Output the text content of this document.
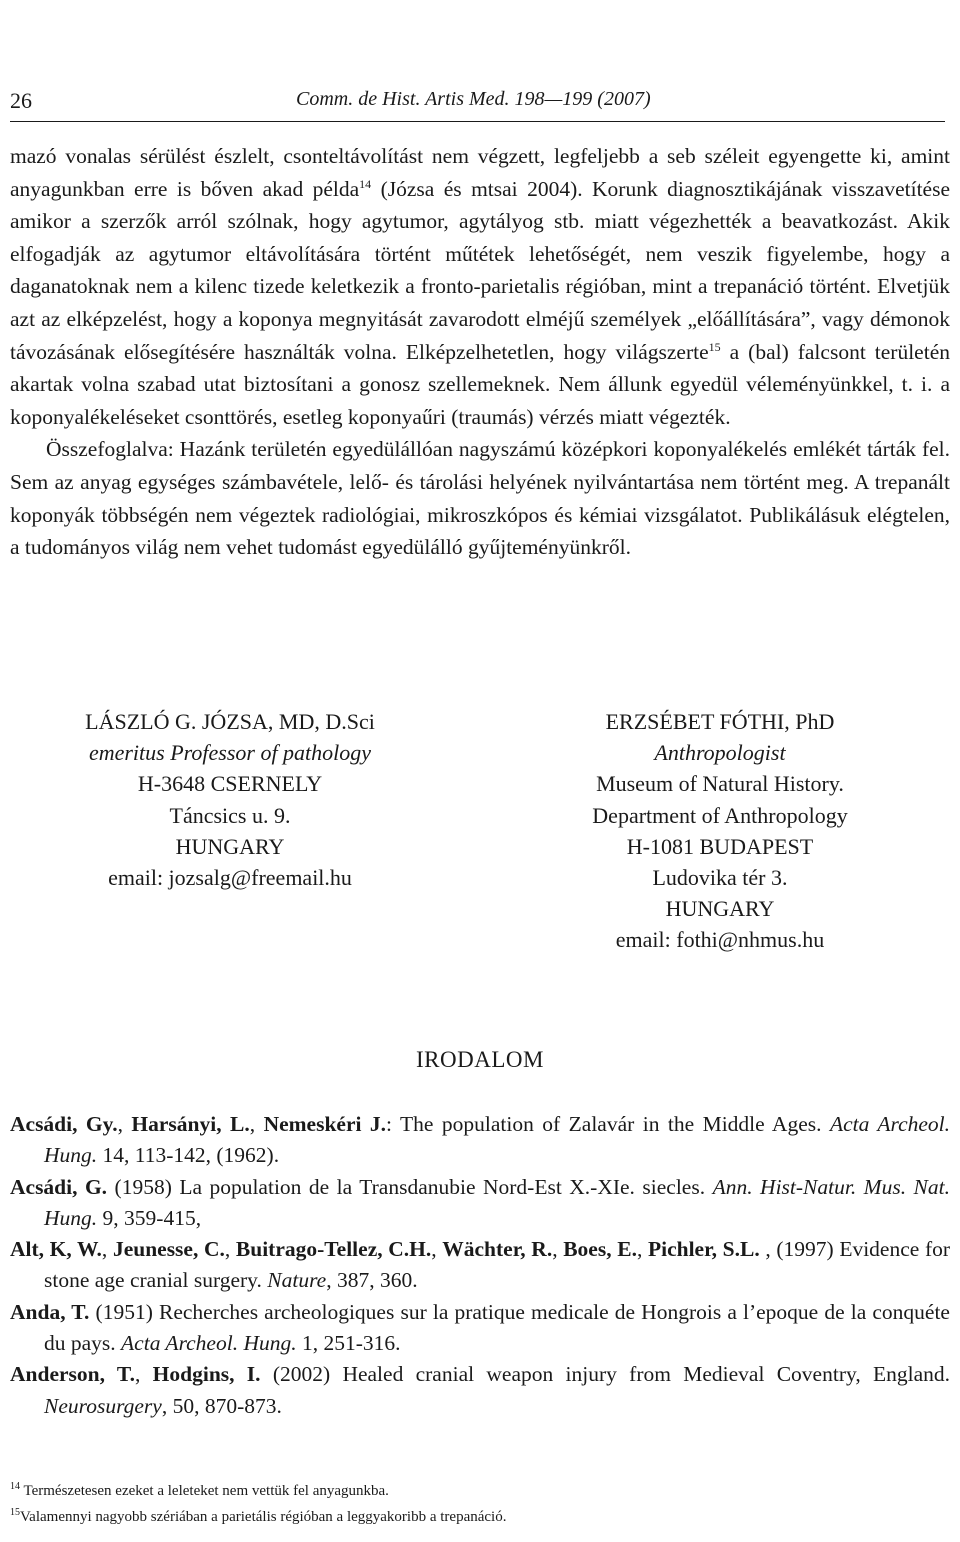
26	Comm. de Hist. Artis Med. 198—199 (2007)

mazó vonalas sérülést észlelt, csonteltávolítást nem végzett, legfeljebb a seb széleit egyengette ki, amint anyagunkban erre is bőven akad példa$^{14}$ (Józsa és mtsai 2004). Korunk diagnosztikájának visszavetítése amikor a szerzők arról szólnak, hogy agytumor, agytályog stb. miatt végezhették a beavatkozást. Akik elfogadják az agytumor eltávolítására történt műtétek lehetőségét, nem veszik figyelembe, hogy a daganatoknak nem a kilenc tizede keletkezik a fronto-parietalis régióban, mint a trepanáció történt. Elvetjük azt az elképzelést, hogy a koponya megnyitását zavarodott elméjű személyek „előállítására”, vagy démonok távozásának elősegítésére használták volna. Elképzelhetetlen, hogy világszerte$^{15}$ a (bal) falcsont területén akartak volna szabad utat biztosítani a gonosz szellemeknek. Nem állunk egyedül véleményünkkel, t. i. a koponyalékeléseket csonttörés, esetleg koponyaűri (traumás) vérzés miatt végezték.

Összefoglalva: Hazánk területén egyedülállóan nagyszámú középkori koponyalékelés emlékét tárták fel. Sem az anyag egységes számbavétele, lelő- és tárolási helyének nyilvántartása nem történt meg. A trepanált koponyák többségén nem végeztek radiológiai, mikroszkópos és kémiai vizsgálatot. Publikálásuk elégtelen, a tudományos világ nem vehet tudomást egyedülálló gyűjteményünkről.

LÁSZLÓ G. JÓZSA, MD, D.Sci
emeritus Professor of pathology
H-3648 CSERNELY
Táncsics u. 9.
HUNGARY
email: jozsalg@freemail.hu
ERZSÉBET FÓTHI, PhD
Anthropologist
Museum of Natural History.
Department of Anthropology
H-1081 BUDAPEST
Ludovika tér 3.
HUNGARY
email: fothi@nhmus.hu
IRODALOM

Acsádi, Gy., Harsányi, L., Nemeskéri J.: The population of Zalavár in the Middle Ages. Acta Archeol. Hung. 14, 113-142, (1962).

Acsádi, G. (1958) La population de la Transdanubie Nord-Est X.-XIe. siecles. Ann. Hist-Natur. Mus. Nat. Hung. 9, 359-415,

Alt, K, W., Jeunesse, C., Buitrago-Tellez, C.H., Wächter, R., Boes, E., Pichler, S.L. , (1997) Evidence for stone age cranial surgery. Nature, 387, 360.

Anda, T. (1951) Recherches archeologiques sur la pratique medicale de Hongrois a l’epoque de la conquéte du pays. Acta Archeol. Hung. 1, 251-316.

Anderson, T., Hodgins, I. (2002) Healed cranial weapon injury from Medieval Coventry, England. Neurosurgery, 50, 870-873.

$^{14}$ Természetesen ezeket a leleteket nem vettük fel anyagunkba.
$^{15}$Valamennyi nagyobb szériában a parietális régióban a leggyakoribb a trepanáció.
